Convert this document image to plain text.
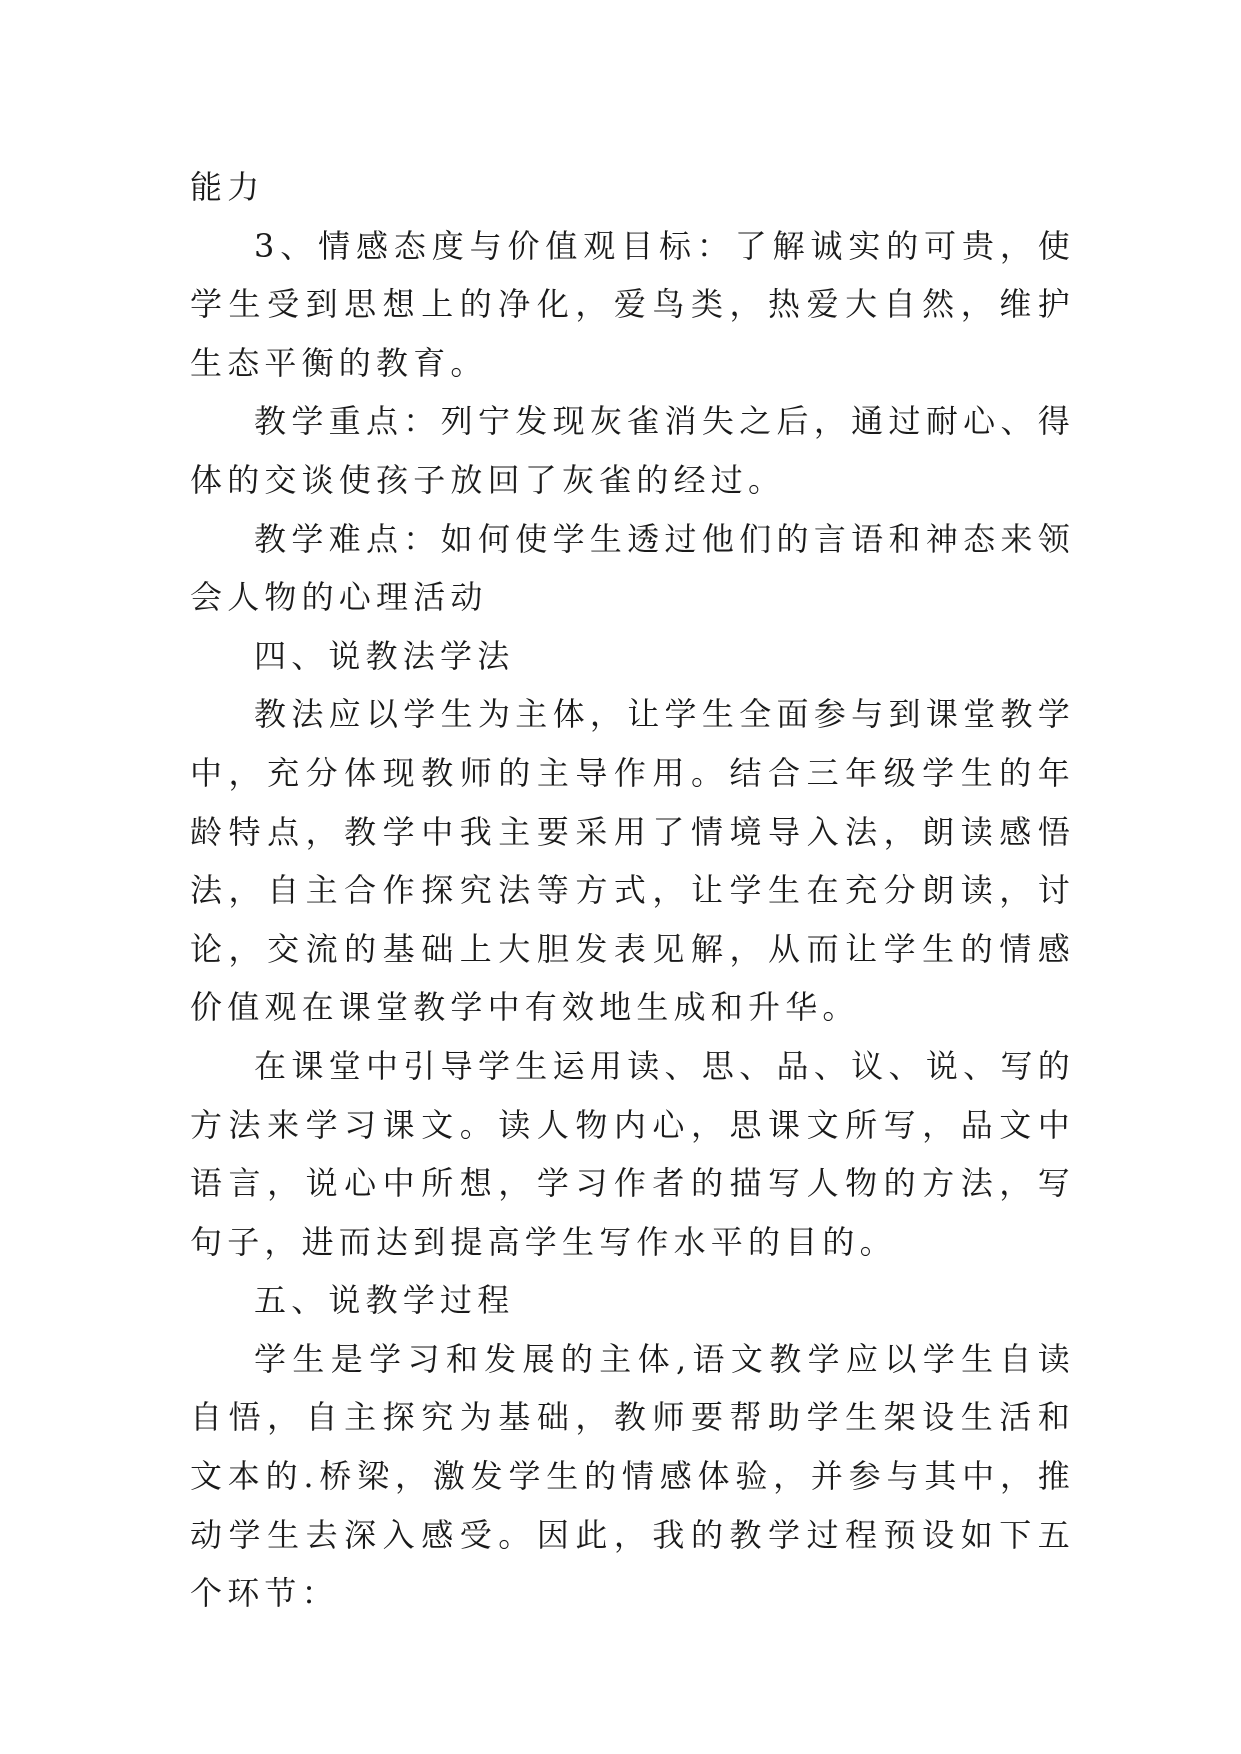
能力

3、情感态度与价值观目标：了解诚实的可贵，使学生受到思想上的净化，爱鸟类，热爱大自然，维护生态平衡的教育。

教学重点：列宁发现灰雀消失之后，通过耐心、得体的交谈使孩子放回了灰雀的经过。

教学难点：如何使学生透过他们的言语和神态来领会人物的心理活动

四、说教法学法

教法应以学生为主体，让学生全面参与到课堂教学中，充分体现教师的主导作用。结合三年级学生的年龄特点，教学中我主要采用了情境导入法，朗读感悟法，自主合作探究法等方式，让学生在充分朗读，讨论，交流的基础上大胆发表见解，从而让学生的情感价值观在课堂教学中有效地生成和升华。

在课堂中引导学生运用读、思、品、议、说、写的方法来学习课文。读人物内心，思课文所写，品文中语言，说心中所想，学习作者的描写人物的方法，写句子，进而达到提高学生写作水平的目的。

五、说教学过程

学生是学习和发展的主体,语文教学应以学生自读自悟，自主探究为基础，教师要帮助学生架设生活和文本的.桥梁，激发学生的情感体验，并参与其中，推动学生去深入感受。因此，我的教学过程预设如下五个环节：
